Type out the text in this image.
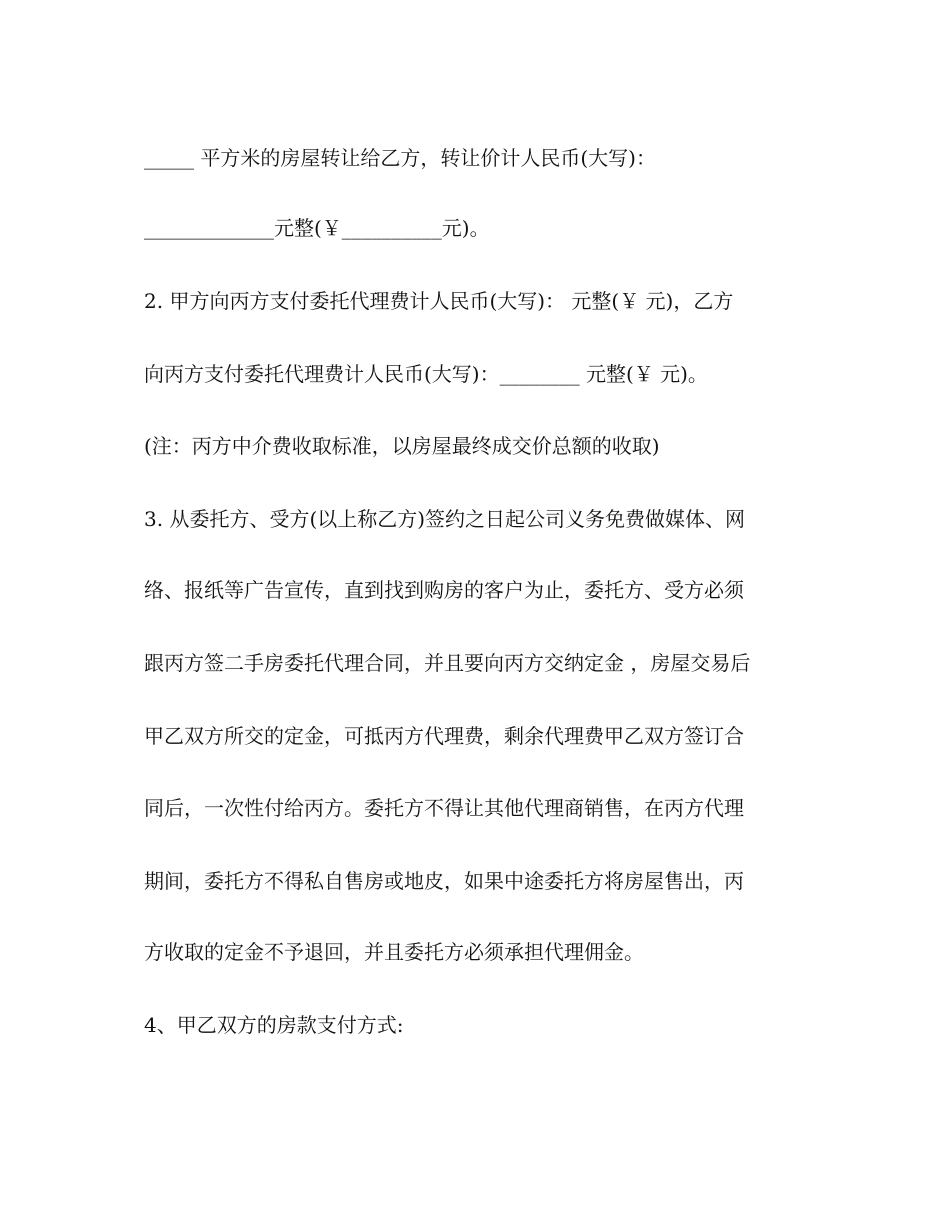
_____ 平方米的房屋转让给乙方，转让价计人民币(大写)：
_____________元整(￥__________元)。
2. 甲方向丙方支付委托代理费计人民币(大写)： 元整(￥ 元)，乙方
向丙方支付委托代理费计人民币(大写)：________ 元整(￥ 元)。
(注：丙方中介费收取标准，以房屋最终成交价总额的收取)
3. 从委托方、受方(以上称乙方)签约之日起公司义务免费做媒体、网
络、报纸等广告宣传，直到找到购房的客户为止，委托方、受方必须
跟丙方签二手房委托代理合同，并且要向丙方交纳定金 ，房屋交易后
甲乙双方所交的定金，可抵丙方代理费，剩余代理费甲乙双方签订合
同后，一次性付给丙方。委托方不得让其他代理商销售，在丙方代理
期间，委托方不得私自售房或地皮，如果中途委托方将房屋售出，丙
方收取的定金不予退回，并且委托方必须承担代理佣金。
4、甲乙双方的房款支付方式:
